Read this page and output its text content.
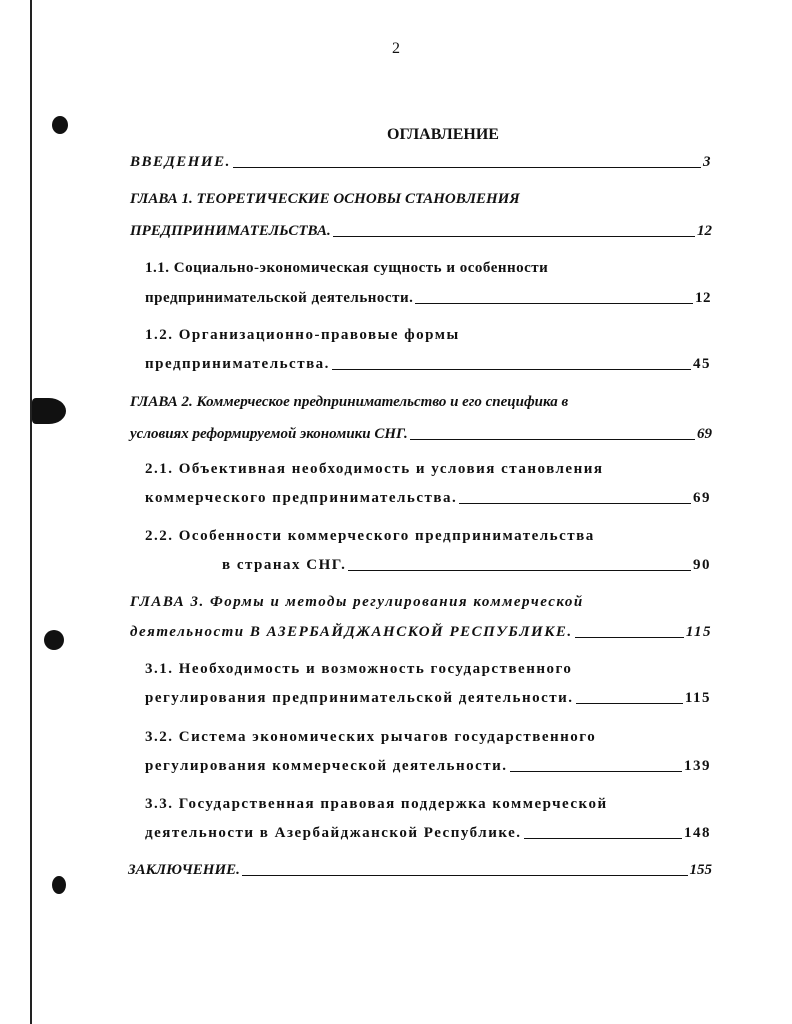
2
ОГЛАВЛЕНИЕ
ВВЕДЕНИЕ.	3
ГЛАВА 1. ТЕОРЕТИЧЕСКИЕ ОСНОВЫ СТАНОВЛЕНИЯ
ПРЕДПРИНИМАТЕЛЬСТВА.	12
1.1. Социально-экономическая сущность и особенности
предпринимательской деятельности.	12
1.2. Организационно-правовые формы
предпринимательства.	45
ГЛАВА 2. Коммерческое предпринимательство и его специфика в
условиях реформируемой экономики СНГ.	69
2.1. Объективная необходимость и условия становления
коммерческого предпринимательства.	69
2.2. Особенности коммерческого предпринимательства
в странах СНГ.	90
ГЛАВА 3. Формы и методы регулирования коммерческой
деятельности В АЗЕРБАЙДЖАНСКОЙ РЕСПУБЛИКЕ.	115
3.1. Необходимость и возможность государственного
регулирования предпринимательской деятельности.	115
3.2. Система экономических рычагов государственного
регулирования коммерческой деятельности.	139
3.3. Государственная правовая поддержка коммерческой
деятельности в Азербайджанской Республике.	148
ЗАКЛЮЧЕНИЕ.	155
